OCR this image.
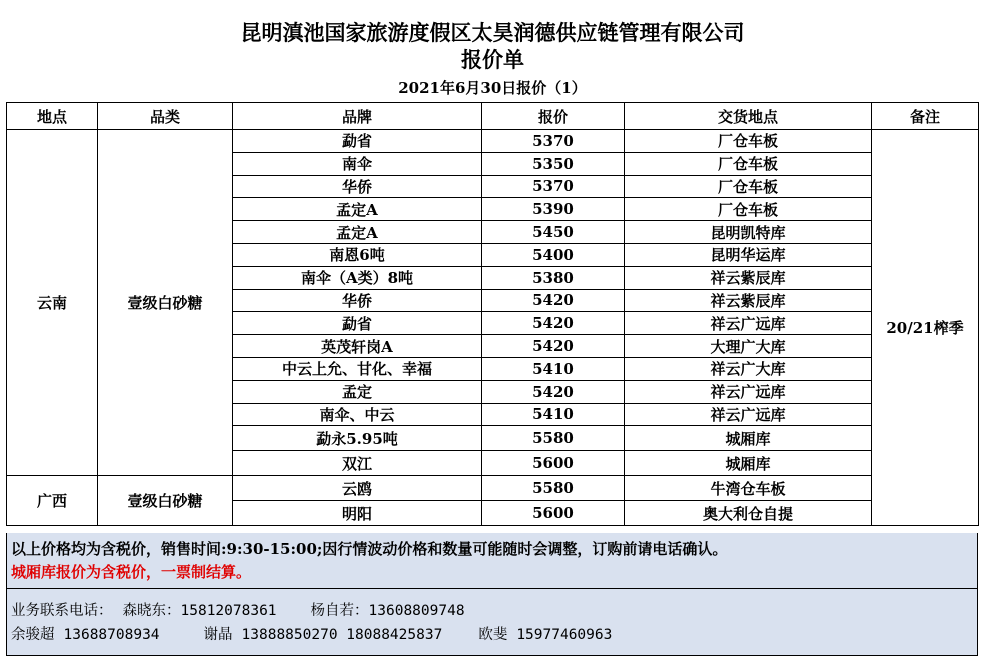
昆明滇池国家旅游度假区太昊润德供应链管理有限公司
报价单
2021年6月30日报价（1）
地点	品类	品牌	报价	交货地点	备注
云南	壹级白砂糖	勐省	5370	厂仓车板	20/21榨季
		南伞	5350	厂仓车板	
		华侨	5370	厂仓车板	
		孟定A	5390	厂仓车板	
		孟定A	5450	昆明凯特库	
		南恩6吨	5400	昆明华运库	
		南伞（A类）8吨	5380	祥云紫辰库	
		华侨	5420	祥云紫辰库	
		勐省	5420	祥云广远库	
		英茂轩岗A	5420	大理广大库	
		中云上允、甘化、幸福	5410	祥云广大库	
		孟定	5420	祥云广远库	
		南伞、中云	5410	祥云广远库	
		勐永5.95吨	5580	城厢库	
		双江	5600	城厢库	
广西	壹级白砂糖	云鸥	5580	牛湾仓车板	
		明阳	5600	奥大利仓自提	
以上价格均为含税价，销售时间:9:30-15:00;因行情波动价格和数量可能随时会调整，订购前请电话确认。
城厢库报价为含税价，一票制结算。
业务联系电话： 森晓东：15812078361 杨自若：13608809748
余骏超 13688708934	谢晶 13888850270 18088425837 欧斐 15977460963
